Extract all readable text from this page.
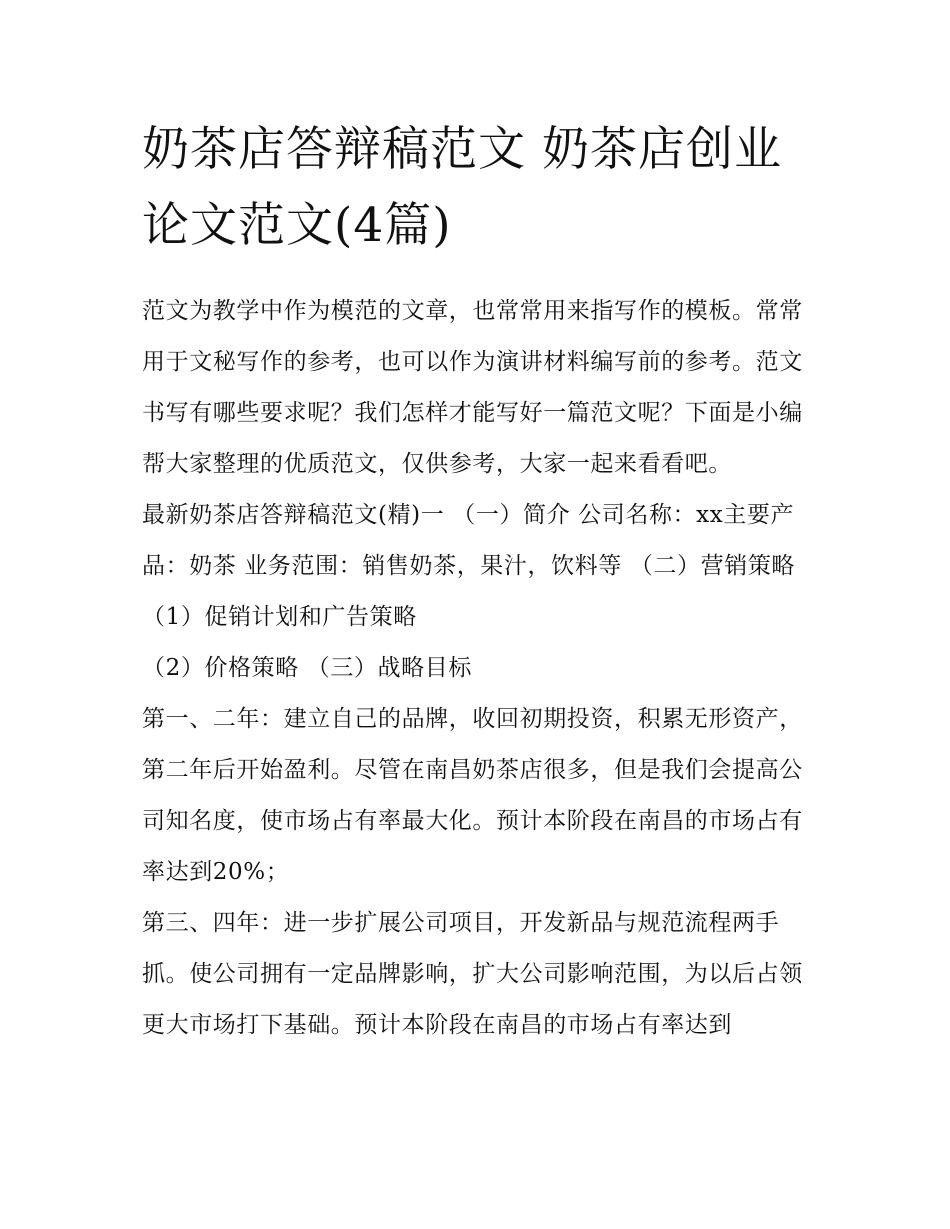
奶茶店答辩稿范文 奶茶店创业论文范文(4篇)

范文为教学中作为模范的文章，也常常用来指写作的模板。常常用于文秘写作的参考，也可以作为演讲材料编写前的参考。范文书写有哪些要求呢？我们怎样才能写好一篇范文呢？下面是小编帮大家整理的优质范文，仅供参考，大家一起来看看吧。

最新奶茶店答辩稿范文(精)一 （一）简介 公司名称：xx主要产品：奶茶 业务范围：销售奶茶，果汁，饮料等 （二）营销策略 （1）促销计划和广告策略

（2）价格策略 （三）战略目标

第一、二年：建立自己的品牌，收回初期投资，积累无形资产，第二年后开始盈利。尽管在南昌奶茶店很多，但是我们会提高公司知名度，使市场占有率最大化。预计本阶段在南昌的市场占有率达到20%；

第三、四年：进一步扩展公司项目，开发新品与规范流程两手抓。使公司拥有一定品牌影响，扩大公司影响范围，为以后占领更大市场打下基础。预计本阶段在南昌的市场占有率达到
